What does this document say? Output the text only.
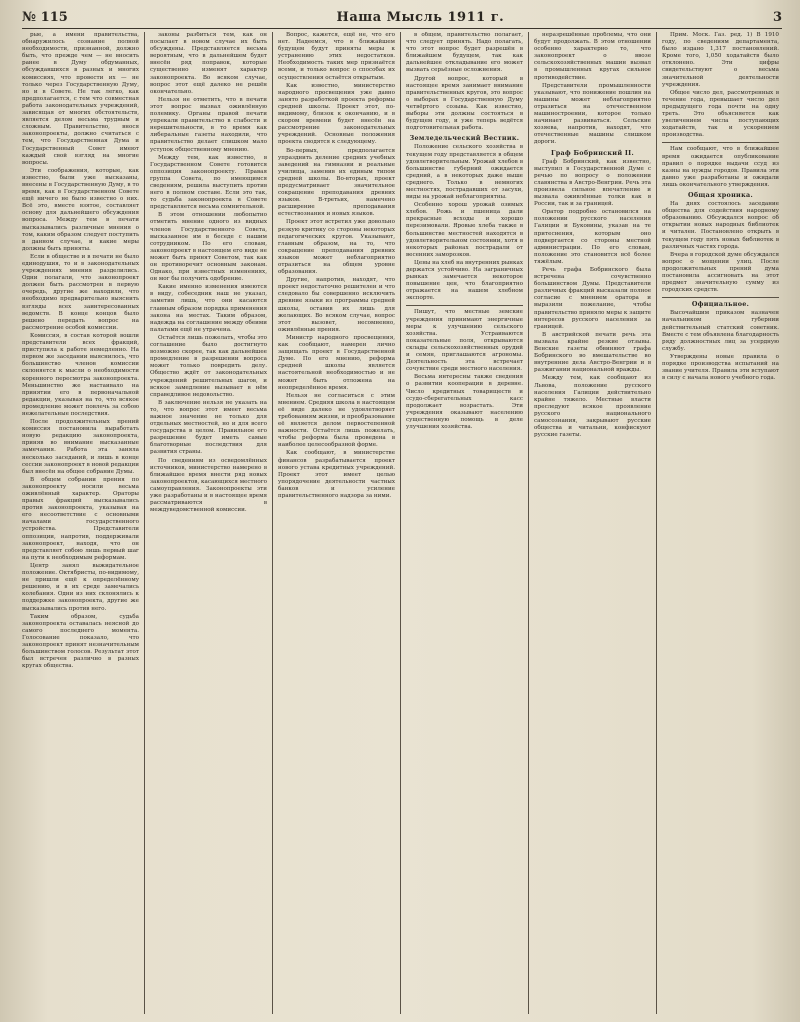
№ 115	Наша Мысль 1911 г.	3

рые, а имени правительства, обнаружилось сознание полной необходимости, признанной, должно быть, что прежде чем — не вносить ранее в Думу обдуманных, обсуждавшихся в разных и многих комиссиях, что провести их — не только через Государственную Думу, но и в Совете. Не так легко, как предполагается, с тем что совместная работа законодательных учреждений, зависящая от многих обстоятельств, является делом весьма трудным и сложным. Правительство, внося законопроекты, должно считаться с тем, что Государственная Дума и Государственный Совет имеют каждый свой взгляд на многие вопросы.

Эти соображения, которые, как известно, были уже высказаны, внесены в Государственную Думу, в то время, как в Государственном Совете ещё ничего не было известно о них. Всё это, вместе взятое, составляет основу для дальнейшего обсуждения вопроса. Между тем в печати высказывались различные мнения о том, каким образом следует поступить в данном случае, и какие меры должны быть приняты.

Если в обществе и в печати не было единодушия, то и в законодательных учреждениях мнения разделились. Одни полагали, что законопроект должен быть рассмотрен в первую очередь, другие же находили, что необходимо предварительно выяснить взгляды всех заинтересованных ведомств. В конце концов было решено передать вопрос на рассмотрение особой комиссии.

Комиссия, в состав которой вошли представители всех фракций, приступила к работе немедленно. На первом же заседании выяснилось, что большинство членов комиссии склоняется к мысли о необходимости коренного пересмотра законопроекта. Меньшинство же настаивало на принятии его в первоначальной редакции, указывая на то, что всякое промедление может повлечь за собою нежелательные последствия.

После продолжительных прений комиссия постановила выработать новую редакцию законопроекта, приняв во внимание высказанные замечания. Работа эта заняла несколько заседаний, и лишь в конце сессии законопроект в новой редакции был внесён на общее собрание Думы.

В общем собрании прения по законопроекту носили весьма оживлённый характер. Ораторы правых фракций высказывались против законопроекта, указывая на его несоответствие с основными началами государственного устройства. Представители оппозиции, напротив, поддерживали законопроект, находя, что он представляет собою лишь первый шаг на пути к необходимым реформам.

Центр занял выжидательное положение. Октябристы, по-видимому, не пришли ещё к определённому решению, и в их среде замечались колебания. Одни из них склонялись к поддержке законопроекта, другие же высказывались против него.

Таким образом, судьба законопроекта оставалась неясной до самого последнего момента. Голосование показало, что законопроект принят незначительным большинством голосов. Результат этот был встречен различно в разных кругах общества.

законы разбиться тем, как он посылает в новом случае их быть обсуждены. Представляется весьма вероятным, что в дальнейшем будет внесён ряд поправок, которые существенно изменят характер законопроекта. Во всяком случае, вопрос этот ещё далеко не решён окончательно.

Нельзя не отметить, что в печати этот вопрос вызвал оживлённую полемику. Органы правой печати упрекали правительство в слабости и нерешительности, в то время как либеральные газеты находили, что правительство делает слишком мало уступок общественному мнению.

Между тем, как известно, в Государственном Совете готовится оппозиция законопроекту. Правая группа Совета, по имеющимся сведениям, решила выступить против него в полном составе. Если это так, то судьба законопроекта в Совете представляется весьма сомнительной.

В этом отношении любопытно отметить мнение одного из видных членов Государственного Совета, высказанное им в беседе с нашим сотрудником. По его словам, законопроект в настоящем его виде не может быть принят Советом, так как он противоречит основным законам. Однако, при известных изменениях, он мог бы получить одобрение.

Какие именно изменения имеются в виду, собеседник наш не указал, заметив лишь, что они касаются главным образом порядка применения закона на местах. Таким образом, надежда на соглашение между обеими палатами ещё не утрачена.

Остаётся лишь пожелать, чтобы это соглашение было достигнуто возможно скорее, так как дальнейшее промедление в разрешении вопроса может только повредить делу. Общество ждёт от законодательных учреждений решительных шагов, и всякое замедление вызывает в нём справедливое недовольство.

В заключение нельзя не указать на то, что вопрос этот имеет весьма важное значение не только для отдельных местностей, но и для всего государства в целом. Правильное его разрешение будет иметь самые благотворные последствия для развития страны.

По сведениям из осведомлённых источников, министерство намерено в ближайшее время внести ряд новых законопроектов, касающихся местного самоуправления. Законопроекты эти уже разработаны и в настоящее время рассматриваются в междуведомственной комиссии.

Вопрос, кажется, ещё не, что его нет. Надеемся, что в ближайшем будущем будут приняты меры к устранению этих недостатков. Необходимость таких мер признаётся всеми, и только вопрос о способах их осуществления остаётся открытым.

Как известно, министерство народного просвещения уже давно занято разработкой проекта реформы средней школы. Проект этот, по-видимому, близок к окончанию, и в скором времени будет внесён на рассмотрение законодательных учреждений. Основные положения проекта сводятся к следующему.

Во-первых, предполагается упразднить деление средних учебных заведений на гимназии и реальные училища, заменив их единым типом средней школы. Во-вторых, проект предусматривает значительное сокращение преподавания древних языков. В-третьих, намечено расширение преподавания естествознания и новых языков.

Проект этот встретил уже довольно резкую критику со стороны некоторых педагогических кругов. Указывают, главным образом, на то, что сокращение преподавания древних языков может неблагоприятно отразиться на общем уровне образования.

Другие, напротив, находят, что проект недостаточно решителен и что следовало бы совершенно исключить древние языки из программы средней школы, оставив их лишь для желающих. Во всяком случае, вопрос этот вызовет, несомненно, оживлённые прения.

Министр народного просвещения, как сообщают, намерен лично защищать проект в Государственной Думе. По его мнению, реформа средней школы является настоятельной необходимостью и не может быть отложена на неопределённое время.

Нельзя не согласиться с этим мнением. Средняя школа в настоящем её виде далеко не удовлетворяет требованиям жизни, и преобразование её является делом первостепенной важности. Остаётся лишь пожелать, чтобы реформа была проведена в наиболее целесообразной форме.

Как сообщают, в министерстве финансов разрабатывается проект нового устава кредитных учреждений. Проект этот имеет целью упорядочение деятельности частных банков и усиление правительственного надзора за ними.

в общем, правительство полагает, что следует принять. Надо полагать, что этот вопрос будет разрешён в ближайшем будущем, так как дальнейшее откладывание его может вызвать серьёзные осложнения.

Другой вопрос, который в настоящее время занимает внимание правительственных кругов, это вопрос о выборах в Государственную Думу четвёртого созыва. Как известно, выборы эти должны состояться в будущем году, и уже теперь ведётся подготовительная работа.

Земледельческий Вестник.

Положение сельского хозяйства в текущем году представляется в общем удовлетворительным. Урожай хлебов в большинстве губерний ожидается средний, а в некоторых даже выше среднего. Только в немногих местностях, пострадавших от засухи, виды на урожай неблагоприятны.

Особенно хорош урожай озимых хлебов. Рожь и пшеница дали прекрасные всходы и хорошо перезимовали. Яровые хлеба также в большинстве местностей находятся в удовлетворительном состоянии, хотя в некоторых районах пострадали от весенних заморозков.

Цены на хлеб на внутренних рынках держатся устойчиво. На заграничных рынках замечается некоторое повышение цен, что благоприятно отражается на нашем хлебном экспорте.

Пишут, что местные земские учреждения принимают энергичные меры к улучшению сельского хозяйства. Устраиваются показательные поля, открываются склады сельскохозяйственных орудий и семян, приглашаются агрономы. Деятельность эта встречает сочувствие среди местного населения.

Весьма интересны также сведения о развитии кооперации в деревне. Число кредитных товариществ и ссудо-сберегательных касс продолжает возрастать. Эти учреждения оказывают населению существенную помощь в деле улучшения хозяйства.

неразрешённые проблемы, что они будут продолжать. В этом отношении особенно характерно то, что законопроект о ввозе сельскохозяйственных машин вызвал в промышленных кругах сильное противодействие.

Представители промышленности указывают, что понижение пошлин на машины может неблагоприятно отразиться на отечественном машиностроении, которое только начинает развиваться. Сельские хозяева, напротив, находят, что отечественные машины слишком дороги.

Граф Бобринский II.

Граф Бобринский, как известно, выступил в Государственной Думе с речью по вопросу о положении славянства в Австро-Венгрии. Речь эта произвела сильное впечатление и вызвала оживлённые толки как в России, так и за границей.

Оратор подробно остановился на положении русского населения Галиции и Буковины, указав на те притеснения, которым оно подвергается со стороны местной администрации. По его словам, положение это становится всё более тяжёлым.

Речь графа Бобринского была встречена сочувственно большинством Думы. Представители различных фракций высказали полное согласие с мнением оратора и выразили пожелание, чтобы правительство приняло меры к защите интересов русского населения за границей.

В австрийской печати речь эта вызвала крайне резкие отзывы. Венские газеты обвиняют графа Бобринского во вмешательстве во внутренние дела Австро-Венгрии и в разжигании национальной вражды.

Между тем, как сообщают из Львова, положение русского населения Галиции действительно крайне тяжело. Местные власти преследуют всякое проявление русского национального самосознания, закрывают русские общества и читальни, конфискуют русские газеты.

Прим. Моск. Газ. ред. 1) В 1910 году, по сведениям департамента, было издано 1,317 постановлений. Кроме того, 1,050 ходатайств было отклонено. Эти цифры свидетельствуют о весьма значительной деятельности учреждения.

Общее число дел, рассмотренных в течение года, превышает число дел предыдущего года почти на одну треть. Это объясняется как увеличением числа поступающих ходатайств, так и ускорением производства.

Нам сообщают, что в ближайшее время ожидается опубликование правил о порядке выдачи ссуд из казны на нужды городов. Правила эти давно уже разработаны и ожидали лишь окончательного утверждения.

Общая хроника.

На днях состоялось заседание общества для содействия народному образованию. Обсуждался вопрос об открытии новых народных библиотек и читален. Постановлено открыть в текущем году пять новых библиотек в различных частях города.

Вчера в городской думе обсуждался вопрос о мощении улиц. После продолжительных прений дума постановила ассигновать на этот предмет значительную сумму из городских средств.

Официальное.

Высочайшим приказом назначен начальником губернии действительный статский советник. Вместе с тем объявлена благодарность ряду должностных лиц за усердную службу.

Утверждены новые правила о порядке производства испытаний на звание учителя. Правила эти вступают в силу с начала нового учебного года.
